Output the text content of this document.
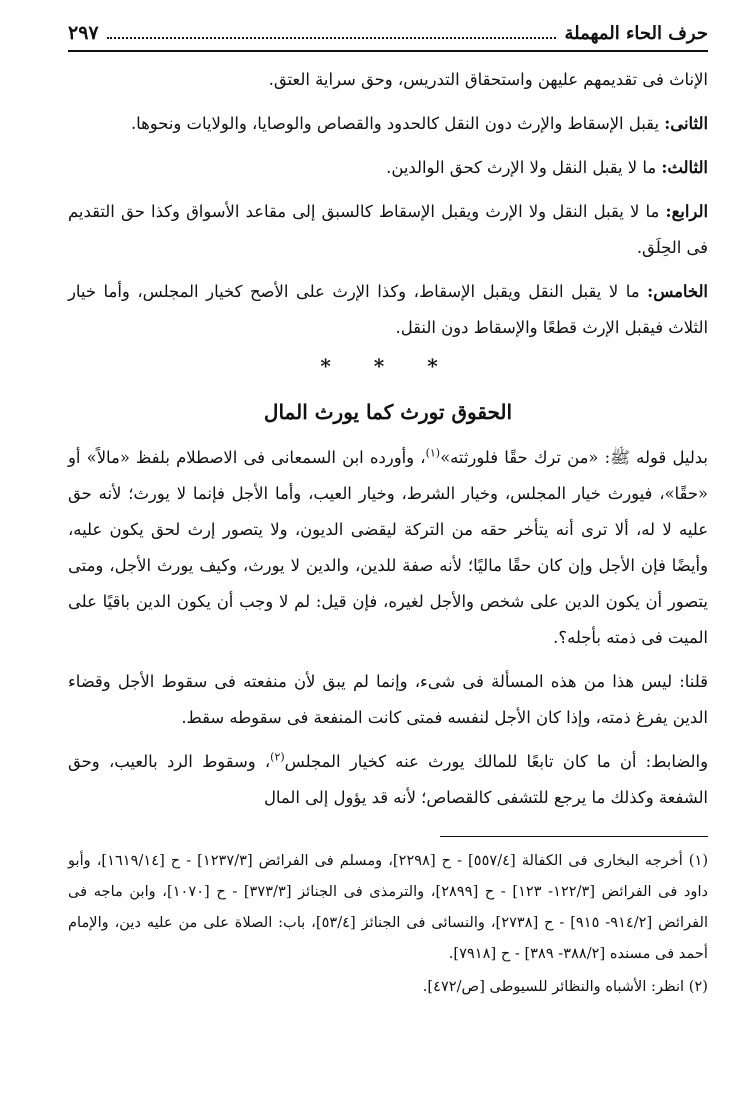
حرف الحاء المهملة
٢٩٧

الإناث فى تقديمهم عليهن واستحقاق التدريس، وحق سراية العتق.

الثانى: يقبل الإسقاط والإرث دون النقل كالحدود والقصاص والوصايا، والولايات ونحوها.

الثالث: ما لا يقبل النقل ولا الإرث كحق الوالدين.

الرابع: ما لا يقبل النقل ولا الإرث ويقبل الإسقاط كالسبق إلى مقاعد الأسواق وكذا حق التقديم فى الحِلَق.

الخامس: ما لا يقبل النقل ويقبل الإسقاط، وكذا الإرث على الأصح كخيار المجلس، وأما خيار الثلاث فيقبل الإرث قطعًا والإسقاط دون النقل.

* * *
الحقوق تورث كما يورث المال

بدليل قوله ﷺ: «من ترك حقًا فلورثته»$^{(١)}$، وأورده ابن السمعانى فى الاصطلام بلفظ «مالاً» أو «حقًا»، فيورث خيار المجلس، وخيار الشرط، وخيار العيب، وأما الأجل فإنما لا يورث؛ لأنه حق عليه لا له، ألا ترى أنه يتأخر حقه من التركة ليقضى الديون، ولا يتصور إرث لحق يكون عليه، وأيضًا فإن الأجل وإن كان حقًا ماليًا؛ لأنه صفة للدين، والدين لا يورث، وكيف يورث الأجل، ومتى يتصور أن يكون الدين على شخص والأجل لغيره، فإن قيل: لم لا وجب أن يكون الدين باقيًا على الميت فى ذمته بأجله؟.

قلنا: ليس هذا من هذه المسألة فى شىء، وإنما لم يبق لأن منفعته فى سقوط الأجل وقضاء الدين يفرغ ذمته، وإذا كان الأجل لنفسه فمتى كانت المنفعة فى سقوطه سقط.

والضابط: أن ما كان تابعًا للمالك يورث عنه كخيار المجلس$^{(٢)}$، وسقوط الرد بالعيب، وحق الشفعة وكذلك ما يرجع للتشفى كالقصاص؛ لأنه قد يؤول إلى المال

(١) أخرجه البخارى فى الكفالة [٥٥٧/٤] - ح [٢٢٩٨]، ومسلم فى الفرائض [١٢٣٧/٣] - ح [١٦١٩/١٤]، وأبو داود فى الفرائض [١٢٢/٣- ١٢٣] - ح [٢٨٩٩]، والترمذى فى الجنائز [٣٧٣/٣] - ح [١٠٧٠]، وابن ماجه فى الفرائض [٩١٤/٢- ٩١٥] - ح [٢٧٣٨]، والنسائى فى الجنائز [٥٣/٤]، باب: الصلاة على من عليه دين، والإمام أحمد فى مسنده [٣٨٨/٢- ٣٨٩] - ح [٧٩١٨].
(٢) انظر: الأشباه والنظائر للسيوطى [ص/٤٧٢].
